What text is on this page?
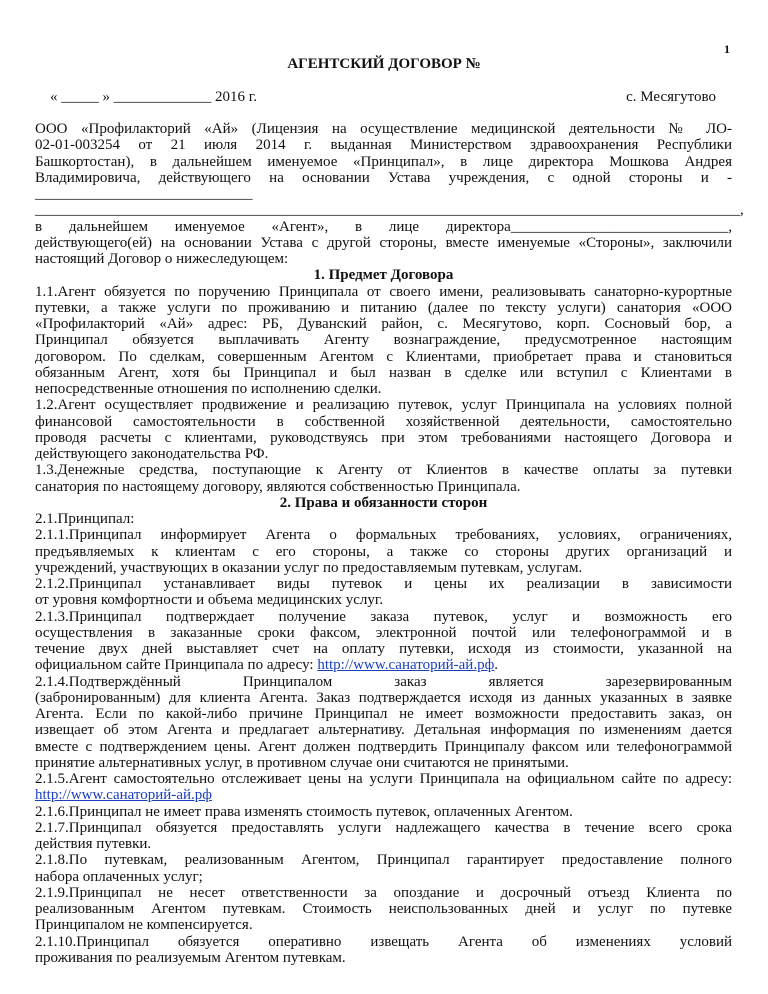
1
АГЕНТСКИЙ ДОГОВОР №
« _____ » _____________ 2016 г.	с. Месягутово
ООО «Профилакторий «Ай» (Лицензия на осуществление медицинской деятельности № ЛО-
02-01-003254 от 21 июля 2014 г. выданная Министерством здравоохранения Республики
Башкортостан), в дальнейшем именуемое «Принципал», в лице директора Мошкова Андрея
Владимировича, действующего на основании Устава учреждения, с одной стороны и -
_____________________________
______________________________________________________________________________________________,
в дальнейшем именуемое «Агент», в лице директора_____________________________,
действующего(ей) на основании Устава с другой стороны, вместе именуемые «Стороны», заключили
настоящий Договор о нижеследующем:
1. Предмет Договора
1.1.Агент обязуется по поручению Принципала от своего имени, реализовывать санаторно-курортные
путевки, а также услуги по проживанию и питанию (далее по тексту услуги) санатория «ООО
«Профилакторий «Ай» адрес: РБ, Дуванский район, с. Месягутово, корп. Сосновый бор, а
Принципал обязуется выплачивать Агенту вознаграждение, предусмотренное настоящим
договором. По сделкам, совершенным Агентом с Клиентами, приобретает права и становиться
обязанным Агент, хотя бы Принципал и был назван в сделке или вступил с Клиентами в
непосредственные отношения по исполнению сделки.
1.2.Агент осуществляет продвижение и реализацию путевок, услуг Принципала на условиях полной
финансовой самостоятельности в собственной хозяйственной деятельности, самостоятельно
проводя расчеты с клиентами, руководствуясь при этом требованиями настоящего Договора и
действующего законодательства РФ.
1.3.Денежные средства, поступающие к Агенту от Клиентов в качестве оплаты за путевки
санатория по настоящему договору, являются собственностью Принципала.
2. Права и обязанности сторон
2.1.Принципал:
2.1.1.Принципал информирует Агента о формальных требованиях, условиях, ограничениях,
предъявляемых к клиентам с его стороны, а также со стороны других организаций и
учреждений, участвующих в оказании услуг по предоставляемым путевкам, услугам.
2.1.2.Принципал устанавливает виды путевок и цены их реализации в зависимости
от уровня комфортности и объема медицинских услуг.
2.1.3.Принципал подтверждает получение заказа путевок, услуг и возможность его
осуществления в заказанные сроки факсом, электронной почтой или телефонограммой и в
течение двух дней выставляет счет на оплату путевки, исходя из стоимости, указанной на
официальном сайте Принципала по адресу: http://www.санаторий-ай.рф.
2.1.4.Подтверждённый Принципалом заказ является зарезервированным
(забронированным) для клиента Агента. Заказ подтверждается исходя из данных указанных в заявке
Агента. Если по какой-либо причине Принципал не имеет возможности предоставить заказ, он
извещает об этом Агента и предлагает альтернативу. Детальная информация по изменениям дается
вместе с подтверждением цены. Агент должен подтвердить Принципалу факсом или телефонограммой
принятие альтернативных услуг, в противном случае они считаются не принятыми.
2.1.5.Агент самостоятельно отслеживает цены на услуги Принципала на официальном сайте по адресу:
http://www.санаторий-ай.рф
2.1.6.Принципал не имеет права изменять стоимость путевок, оплаченных Агентом.
2.1.7.Принципал обязуется предоставлять услуги надлежащего качества в течение всего срока
действия путевки.
2.1.8.По путевкам, реализованным Агентом, Принципал гарантирует предоставление полного
набора оплаченных услуг;
2.1.9.Принципал не несет ответственности за опоздание и досрочный отъезд Клиента по
реализованным Агентом путевкам. Стоимость неиспользованных дней и услуг по путевке
Принципалом не компенсируется.
2.1.10.Принципал обязуется оперативно извещать Агента об изменениях условий
проживания по реализуемым Агентом путевкам.
